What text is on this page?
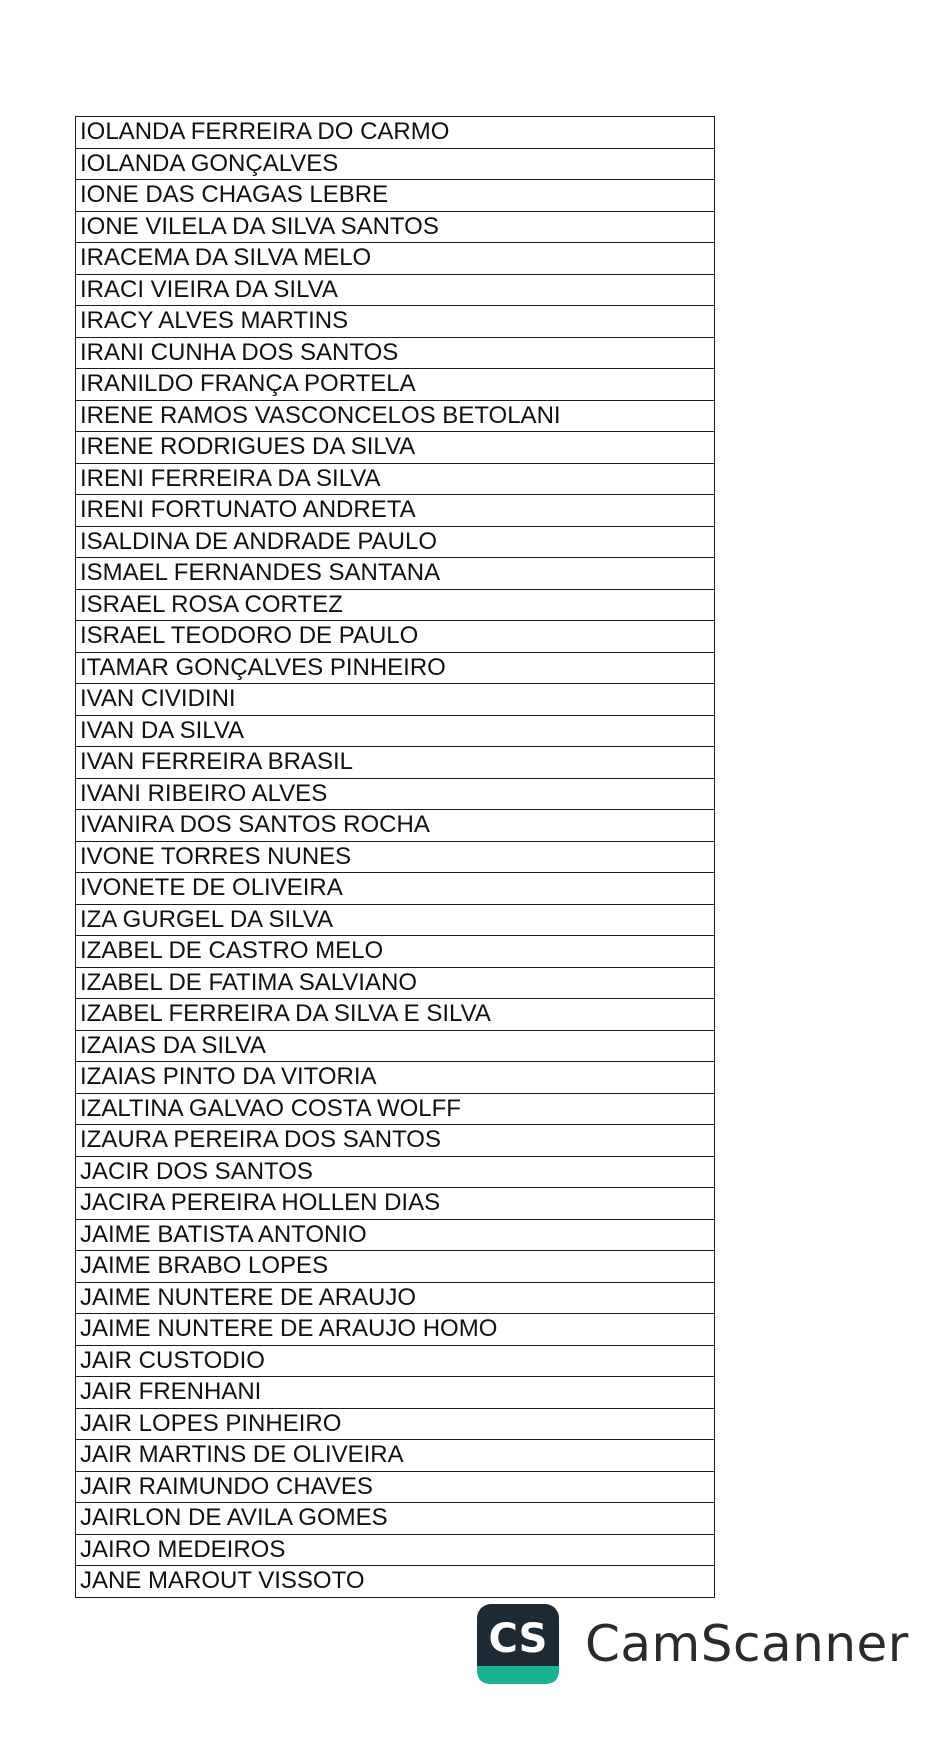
IOLANDA FERREIRA DO CARMO
IOLANDA GONÇALVES
IONE DAS CHAGAS LEBRE
IONE VILELA DA SILVA SANTOS
IRACEMA DA SILVA MELO
IRACI VIEIRA DA SILVA
IRACY ALVES MARTINS
IRANI CUNHA DOS SANTOS
IRANILDO FRANÇA PORTELA
IRENE RAMOS VASCONCELOS BETOLANI
IRENE RODRIGUES DA SILVA
IRENI FERREIRA DA SILVA
IRENI FORTUNATO ANDRETA
ISALDINA DE ANDRADE PAULO
ISMAEL FERNANDES SANTANA
ISRAEL ROSA CORTEZ
ISRAEL TEODORO DE PAULO
ITAMAR GONÇALVES PINHEIRO
IVAN CIVIDINI
IVAN DA SILVA
IVAN FERREIRA BRASIL
IVANI RIBEIRO ALVES
IVANIRA DOS SANTOS ROCHA
IVONE TORRES NUNES
IVONETE DE OLIVEIRA
IZA GURGEL DA SILVA
IZABEL DE CASTRO MELO
IZABEL DE FATIMA SALVIANO
IZABEL FERREIRA DA SILVA E SILVA
IZAIAS DA SILVA
IZAIAS PINTO DA VITORIA
IZALTINA GALVAO COSTA WOLFF
IZAURA PEREIRA DOS SANTOS
JACIR DOS SANTOS
JACIRA PEREIRA HOLLEN DIAS
JAIME BATISTA ANTONIO
JAIME BRABO LOPES
JAIME NUNTERE DE ARAUJO
JAIME NUNTERE DE ARAUJO HOMO
JAIR CUSTODIO
JAIR FRENHANI
JAIR LOPES PINHEIRO
JAIR MARTINS DE OLIVEIRA
JAIR RAIMUNDO CHAVES
JAIRLON DE AVILA GOMES
JAIRO MEDEIROS
JANE MAROUT VISSOTO
CS CamScanner
